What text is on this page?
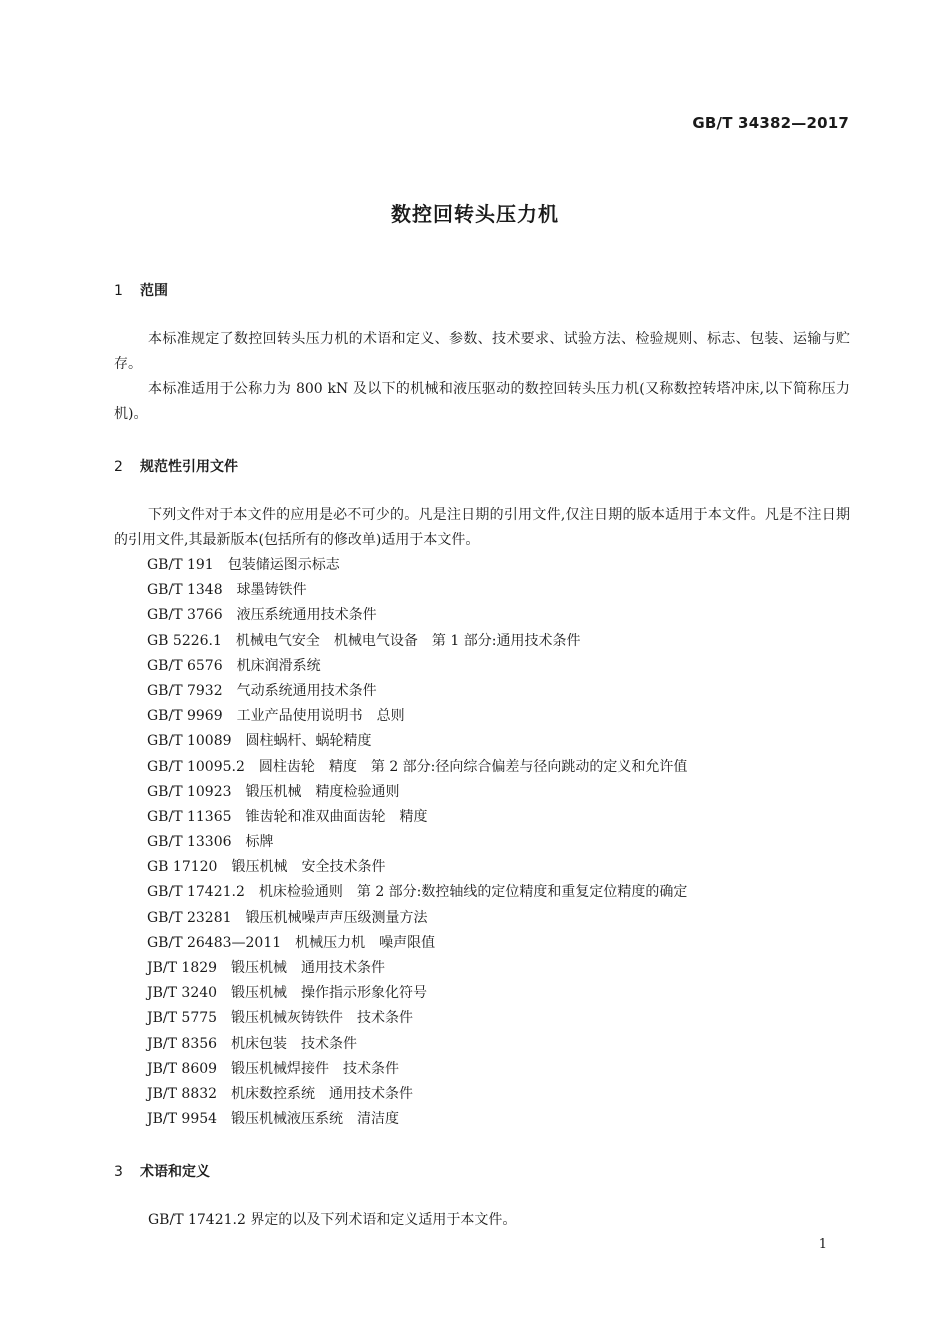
GB/T 34382—2017
数控回转头压力机
1 范围
本标准规定了数控回转头压力机的术语和定义、参数、技术要求、试验方法、检验规则、标志、包装、运输与贮存。
本标准适用于公称力为 800 kN 及以下的机械和液压驱动的数控回转头压力机(又称数控转塔冲床,以下简称压力机)。
2 规范性引用文件
下列文件对于本文件的应用是必不可少的。凡是注日期的引用文件,仅注日期的版本适用于本文件。凡是不注日期的引用文件,其最新版本(包括所有的修改单)适用于本文件。
GB/T 191 包装储运图示标志
GB/T 1348 球墨铸铁件
GB/T 3766 液压系统通用技术条件
GB 5226.1 机械电气安全　机械电气设备　第 1 部分:通用技术条件
GB/T 6576 机床润滑系统
GB/T 7932 气动系统通用技术条件
GB/T 9969 工业产品使用说明书　总则
GB/T 10089 圆柱蜗杆、蜗轮精度
GB/T 10095.2 圆柱齿轮　精度　第 2 部分:径向综合偏差与径向跳动的定义和允许值
GB/T 10923 锻压机械　精度检验通则
GB/T 11365 锥齿轮和准双曲面齿轮　精度
GB/T 13306 标牌
GB 17120 锻压机械　安全技术条件
GB/T 17421.2 机床检验通则　第 2 部分:数控轴线的定位精度和重复定位精度的确定
GB/T 23281 锻压机械噪声声压级测量方法
GB/T 26483—2011 机械压力机　噪声限值
JB/T 1829 锻压机械　通用技术条件
JB/T 3240 锻压机械　操作指示形象化符号
JB/T 5775 锻压机械灰铸铁件　技术条件
JB/T 8356 机床包装　技术条件
JB/T 8609 锻压机械焊接件　技术条件
JB/T 8832 机床数控系统　通用技术条件
JB/T 9954 锻压机械液压系统　清洁度
3 术语和定义
GB/T 17421.2 界定的以及下列术语和定义适用于本文件。
1
